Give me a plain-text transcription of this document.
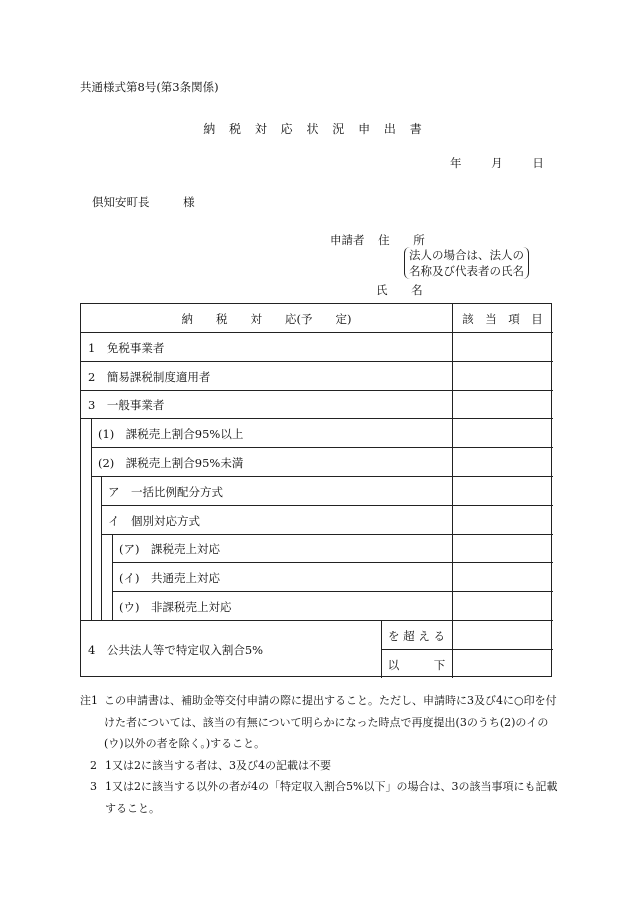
共通様式第8号(第3条関係)
納 税 対 応 状 況 申 出 書
年	月	日
倶知安町長	様
申請者 住 所
法人の場合は、法人の
名称及び代表者の氏名
氏 名
納　　税　　対　　応(予　　定)	該　当　項　目
1　免税事業者
2　簡易課税制度適用者
3　一般事業者
(1)　課税売上割合95%以上
(2)　課税売上割合95%未満
ア　一括比例配分方式
イ　個別対応方式
(ア)　課税売上対応
(イ)　共通売上対応
(ウ)　非課税売上対応
4　公共法人等で特定収入割合5%
を 超 え る
以　　　下
注1 この申請書は、補助金等交付申請の際に提出すること。ただし、申請時に3及び4に○印を付けた者については、該当の有無について明らかになった時点で再度提出(3のうち(2)のイの(ウ)以外の者を除く。)すること。
2 1又は2に該当する者は、3及び4の記載は不要
3 1又は2に該当する以外の者が4の「特定収入割合5%以下」の場合は、3の該当事項にも記載すること。
